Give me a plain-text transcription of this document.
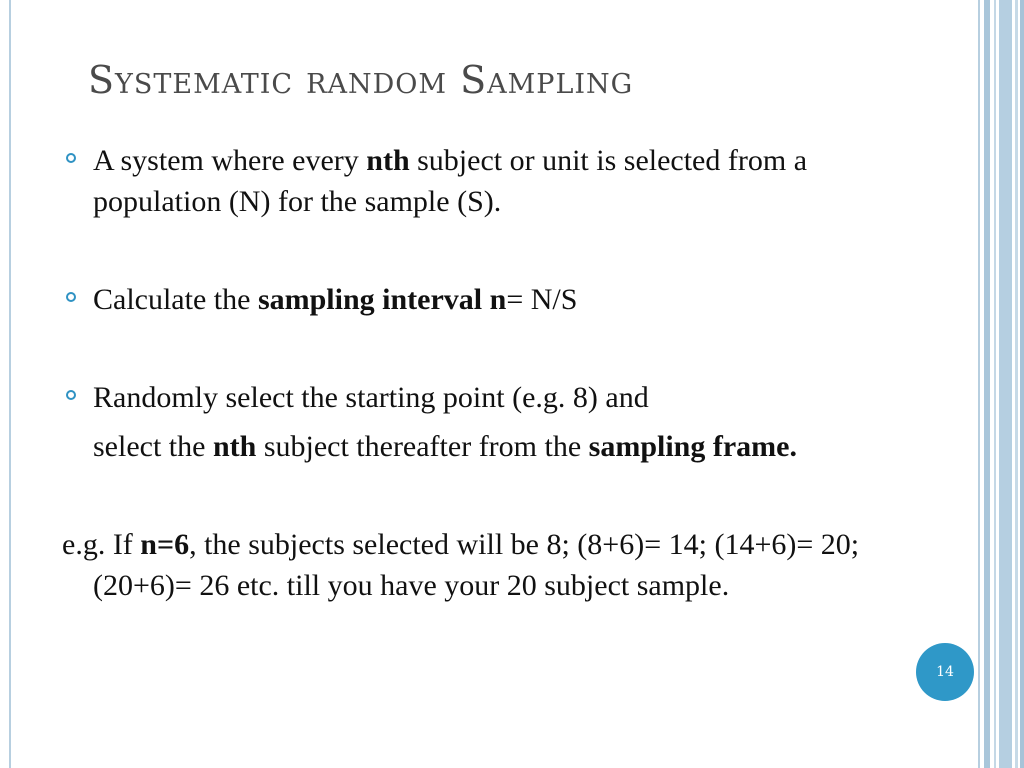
Systematic random Sampling

A system where every nth subject or unit is selected from a population (N) for the sample (S).

Calculate the sampling interval n= N/S

Randomly select the starting point (e.g. 8) and
select the nth subject thereafter from the sampling frame.

e.g. If n=6, the subjects selected will be 8; (8+6)= 14; (14+6)= 20; (20+6)= 26 etc. till you have your 20 subject sample.

14
